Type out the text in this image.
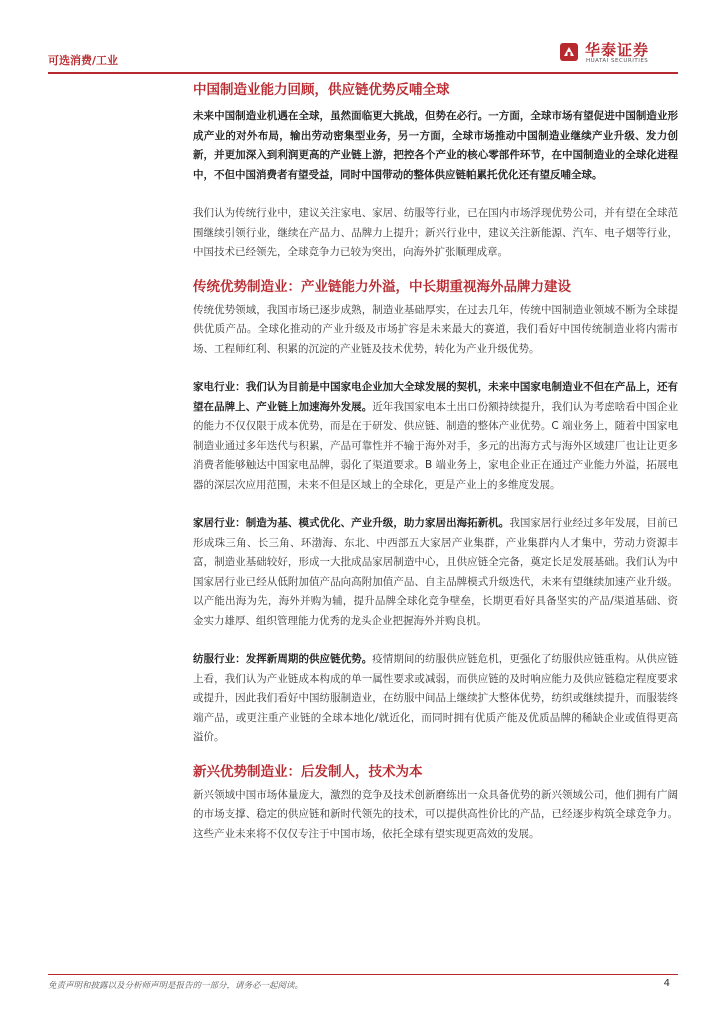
可选消费/工业
华泰证券
HUATAI SECURITIES
中国制造业能力回顾，供应链优势反哺全球

未来中国制造业机遇在全球，虽然面临更大挑战，但势在必行。一方面，全球市场有望促进中国制造业形成产业的对外布局，输出劳动密集型业务，另一方面，全球市场推动中国制造业继续产业升级、发力创新，并更加深入到利润更高的产业链上游，把控各个产业的核心零部件环节，在中国制造业的全球化进程中，不但中国消费者有望受益，同时中国带动的整体供应链帕累托优化还有望反哺全球。

我们认为传统行业中，建议关注家电、家居、纺服等行业，已在国内市场浮现优势公司，并有望在全球范围继续引领行业，继续在产品力、品牌力上提升；新兴行业中，建议关注新能源、汽车、电子烟等行业，中国技术已经领先，全球竞争力已较为突出，向海外扩张顺理成章。

传统优势制造业：产业链能力外溢，中长期重视海外品牌力建设

传统优势领域，我国市场已逐步成熟，制造业基础厚实，在过去几年，传统中国制造业领域不断为全球提供优质产品。全球化推动的产业升级及市场扩容是未来最大的赛道，我们看好中国传统制造业将内需市场、工程师红利、积累的沉淀的产业链及技术优势，转化为产业升级优势。

家电行业：我们认为目前是中国家电企业加大全球发展的契机，未来中国家电制造业不但在产品上，还有望在品牌上、产业链上加速海外发展。近年我国家电本土出口份额持续提升，我们认为考虑啥看中国企业的能力不仅仅限于成本优势，而是在于研发、供应链、制造的整体产业优势。C 端业务上，随着中国家电制造业通过多年迭代与积累，产品可靠性并不输于海外对手，多元的出海方式与海外区域建厂也让让更多消费者能够触达中国家电品牌，弱化了渠道要求。B 端业务上，家电企业正在通过产业能力外溢，拓展电器的深层次应用范围，未来不但是区域上的全球化，更是产业上的多维度发展。

家居行业：制造为基、模式优化、产业升级，助力家居出海拓新机。我国家居行业经过多年发展，目前已形成珠三角、长三角、环渤海、东北、中西部五大家居产业集群，产业集群内人才集中，劳动力资源丰富，制造业基础较好，形成一大批成品家居制造中心，且供应链全完备，奠定长足发展基础。我们认为中国家居行业已经从低附加值产品向高附加值产品、自主品牌模式升级迭代，未来有望继续加速产业升级。以产能出海为先，海外并购为辅，提升品牌全球化竞争壁垒，长期更看好具备坚实的产品/渠道基础、资金实力雄厚、组织管理能力优秀的龙头企业把握海外并购良机。

纺服行业：发挥新周期的供应链优势。疫情期间的纺服供应链危机，更强化了纺服供应链重构。从供应链上看，我们认为产业链成本构成的单一属性要求或减弱，而供应链的及时响应能力及供应链稳定程度要求或提升，因此我们看好中国纺服制造业，在纺服中间品上继续扩大整体优势，纺织或继续提升，而服装终端产品，或更注重产业链的全球本地化/就近化，而同时拥有优质产能及优质品牌的稀缺企业或值得更高溢价。

新兴优势制造业：后发制人，技术为本

新兴领域中国市场体量庞大，激烈的竞争及技术创新磨练出一众具备优势的新兴领域公司，他们拥有广阔的市场支撑、稳定的供应链和新时代领先的技术，可以提供高性价比的产品，已经逐步构筑全球竞争力。这些产业未来将不仅仅专注于中国市场，依托全球有望实现更高效的发展。

免责声明和披露以及分析师声明是报告的一部分，请务必一起阅读。	4
